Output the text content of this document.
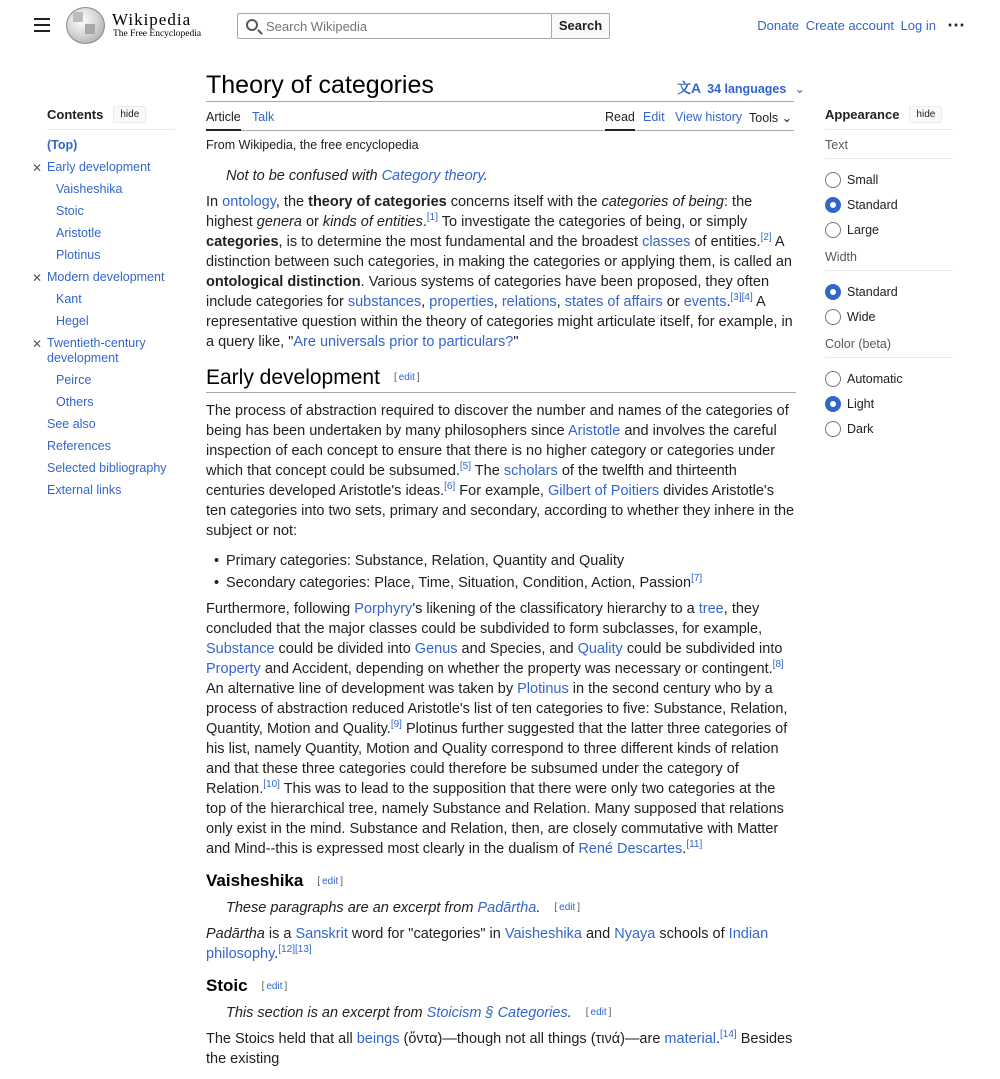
Wikipedia
The Free Encyclopedia
Search Wikipedia
Search	Donate Create account Log in ⋯
Contents	hide
(Top)
✕ Early development
Vaisheshika
Stoic
Aristotle
Plotinus
✕ Modern development
Kant
Hegel
✕ Twentieth-century development
Peirce
Others
See also
References
Selected bibliography
External links
Theory of categories	文A 34 languages ⌄
Article Talk	Read Edit View history Tools ⌄
From Wikipedia, the free encyclopedia
Not to be confused with Category theory.
In ontology, the theory of categories concerns itself with the categories of being: the highest genera or kinds of entities.[1] To investigate the categories of being, or simply categories, is to determine the most fundamental and the broadest classes of entities.[2] A distinction between such categories, in making the categories or applying them, is called an ontological distinction. Various systems of categories have been proposed, they often include categories for substances, properties, relations, states of affairs or events.[3][4] A representative question within the theory of categories might articulate itself, for example, in a query like, "Are universals prior to particulars?"
Early development [ edit ]
The process of abstraction required to discover the number and names of the categories of being has been undertaken by many philosophers since Aristotle and involves the careful inspection of each concept to ensure that there is no higher category or categories under which that concept could be subsumed.[5] The scholars of the twelfth and thirteenth centuries developed Aristotle's ideas.[6] For example, Gilbert of Poitiers divides Aristotle's ten categories into two sets, primary and secondary, according to whether they inhere in the subject or not:
• Primary categories: Substance, Relation, Quantity and Quality
• Secondary categories: Place, Time, Situation, Condition, Action, Passion[7]
Furthermore, following Porphyry's likening of the classificatory hierarchy to a tree, they concluded that the major classes could be subdivided to form subclasses, for example, Substance could be divided into Genus and Species, and Quality could be subdivided into Property and Accident, depending on whether the property was necessary or contingent.[8] An alternative line of development was taken by Plotinus in the second century who by a process of abstraction reduced Aristotle's list of ten categories to five: Substance, Relation, Quantity, Motion and Quality.[9] Plotinus further suggested that the latter three categories of his list, namely Quantity, Motion and Quality correspond to three different kinds of relation and that these three categories could therefore be subsumed under the category of Relation.[10] This was to lead to the supposition that there were only two categories at the top of the hierarchical tree, namely Substance and Relation. Many supposed that relations only exist in the mind. Substance and Relation, then, are closely commutative with Matter and Mind--this is expressed most clearly in the dualism of René Descartes.[11]
Vaisheshika [ edit ]
These paragraphs are an excerpt from Padārtha. [ edit ]
Padārtha is a Sanskrit word for "categories" in Vaisheshika and Nyaya schools of Indian philosophy.[12][13]
Stoic [ edit ]
This section is an excerpt from Stoicism § Categories. [ edit ]
The Stoics held that all beings (ὄντα)—though not all things (τινά)—are material.[14] Besides the existing
Appearance	hide
Text
Small
Standard
Large
Width
Standard
Wide
Color (beta)
Automatic
Light
Dark
